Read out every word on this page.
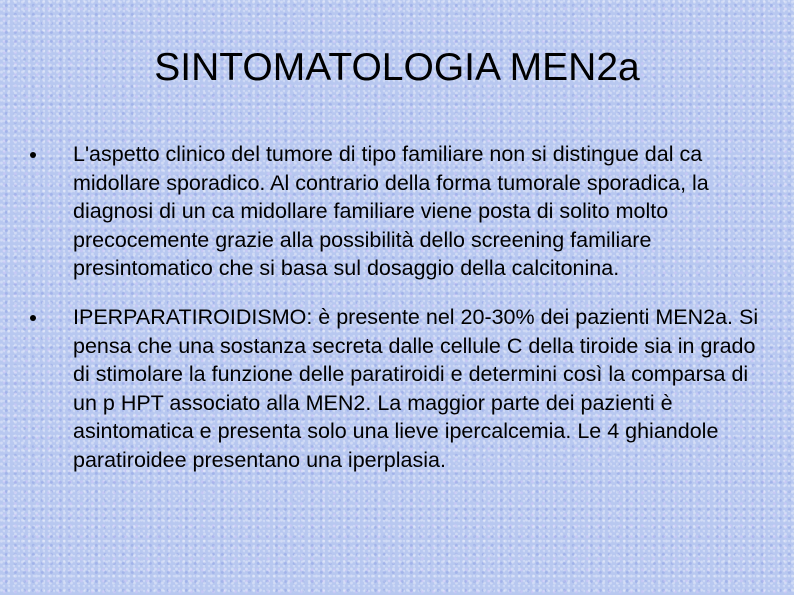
SINTOMATOLOGIA MEN2a
L'aspetto clinico del tumore di tipo familiare non si distingue dal ca midollare sporadico. Al contrario della forma tumorale sporadica, la diagnosi di un ca midollare familiare viene posta di solito molto precocemente grazie alla possibilità dello screening familiare presintomatico che si basa sul dosaggio della calcitonina.
IPERPARATIROIDISMO: è presente nel 20-30% dei pazienti MEN2a. Si pensa che una sostanza secreta dalle cellule C della tiroide sia in grado di stimolare la funzione delle paratiroidi e determini così la comparsa di un p HPT associato alla MEN2. La maggior parte dei pazienti è asintomatica e presenta solo una lieve ipercalcemia. Le 4 ghiandole paratiroidee presentano una iperplasia.
